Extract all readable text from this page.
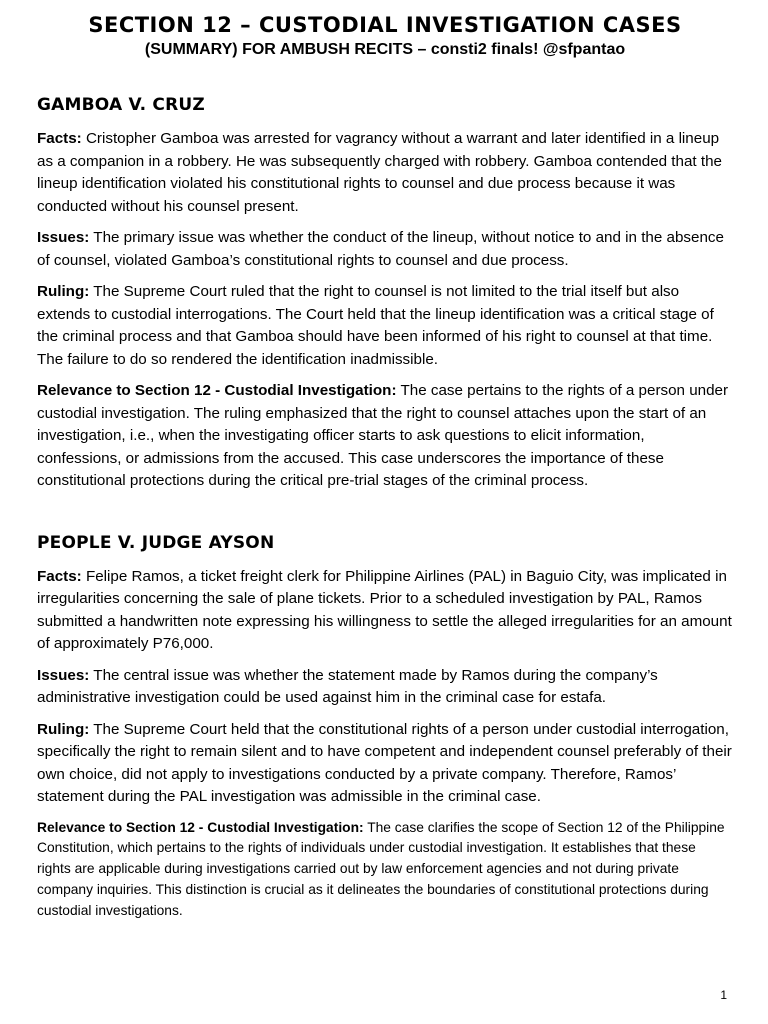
SECTION 12 – CUSTODIAL INVESTIGATION CASES
(SUMMARY) FOR AMBUSH RECITS – consti2 finals! @sfpantao
GAMBOA V. CRUZ

Facts: Cristopher Gamboa was arrested for vagrancy without a warrant and later identified in a lineup as a companion in a robbery. He was subsequently charged with robbery. Gamboa contended that the lineup identification violated his constitutional rights to counsel and due process because it was conducted without his counsel present.

Issues: The primary issue was whether the conduct of the lineup, without notice to and in the absence of counsel, violated Gamboa’s constitutional rights to counsel and due process.

Ruling: The Supreme Court ruled that the right to counsel is not limited to the trial itself but also extends to custodial interrogations. The Court held that the lineup identification was a critical stage of the criminal process and that Gamboa should have been informed of his right to counsel at that time. The failure to do so rendered the identification inadmissible.

Relevance to Section 12 - Custodial Investigation: The case pertains to the rights of a person under custodial investigation. The ruling emphasized that the right to counsel attaches upon the start of an investigation, i.e., when the investigating officer starts to ask questions to elicit information, confessions, or admissions from the accused. This case underscores the importance of these constitutional protections during the critical pre-trial stages of the criminal process.

PEOPLE V. JUDGE AYSON

Facts: Felipe Ramos, a ticket freight clerk for Philippine Airlines (PAL) in Baguio City, was implicated in irregularities concerning the sale of plane tickets. Prior to a scheduled investigation by PAL, Ramos submitted a handwritten note expressing his willingness to settle the alleged irregularities for an amount of approximately P76,000.

Issues: The central issue was whether the statement made by Ramos during the company’s administrative investigation could be used against him in the criminal case for estafa.

Ruling: The Supreme Court held that the constitutional rights of a person under custodial interrogation, specifically the right to remain silent and to have competent and independent counsel preferably of their own choice, did not apply to investigations conducted by a private company. Therefore, Ramos’ statement during the PAL investigation was admissible in the criminal case.

Relevance to Section 12 - Custodial Investigation: The case clarifies the scope of Section 12 of the Philippine Constitution, which pertains to the rights of individuals under custodial investigation. It establishes that these rights are applicable during investigations carried out by law enforcement agencies and not during private company inquiries. This distinction is crucial as it delineates the boundaries of constitutional protections during custodial investigations.

1
